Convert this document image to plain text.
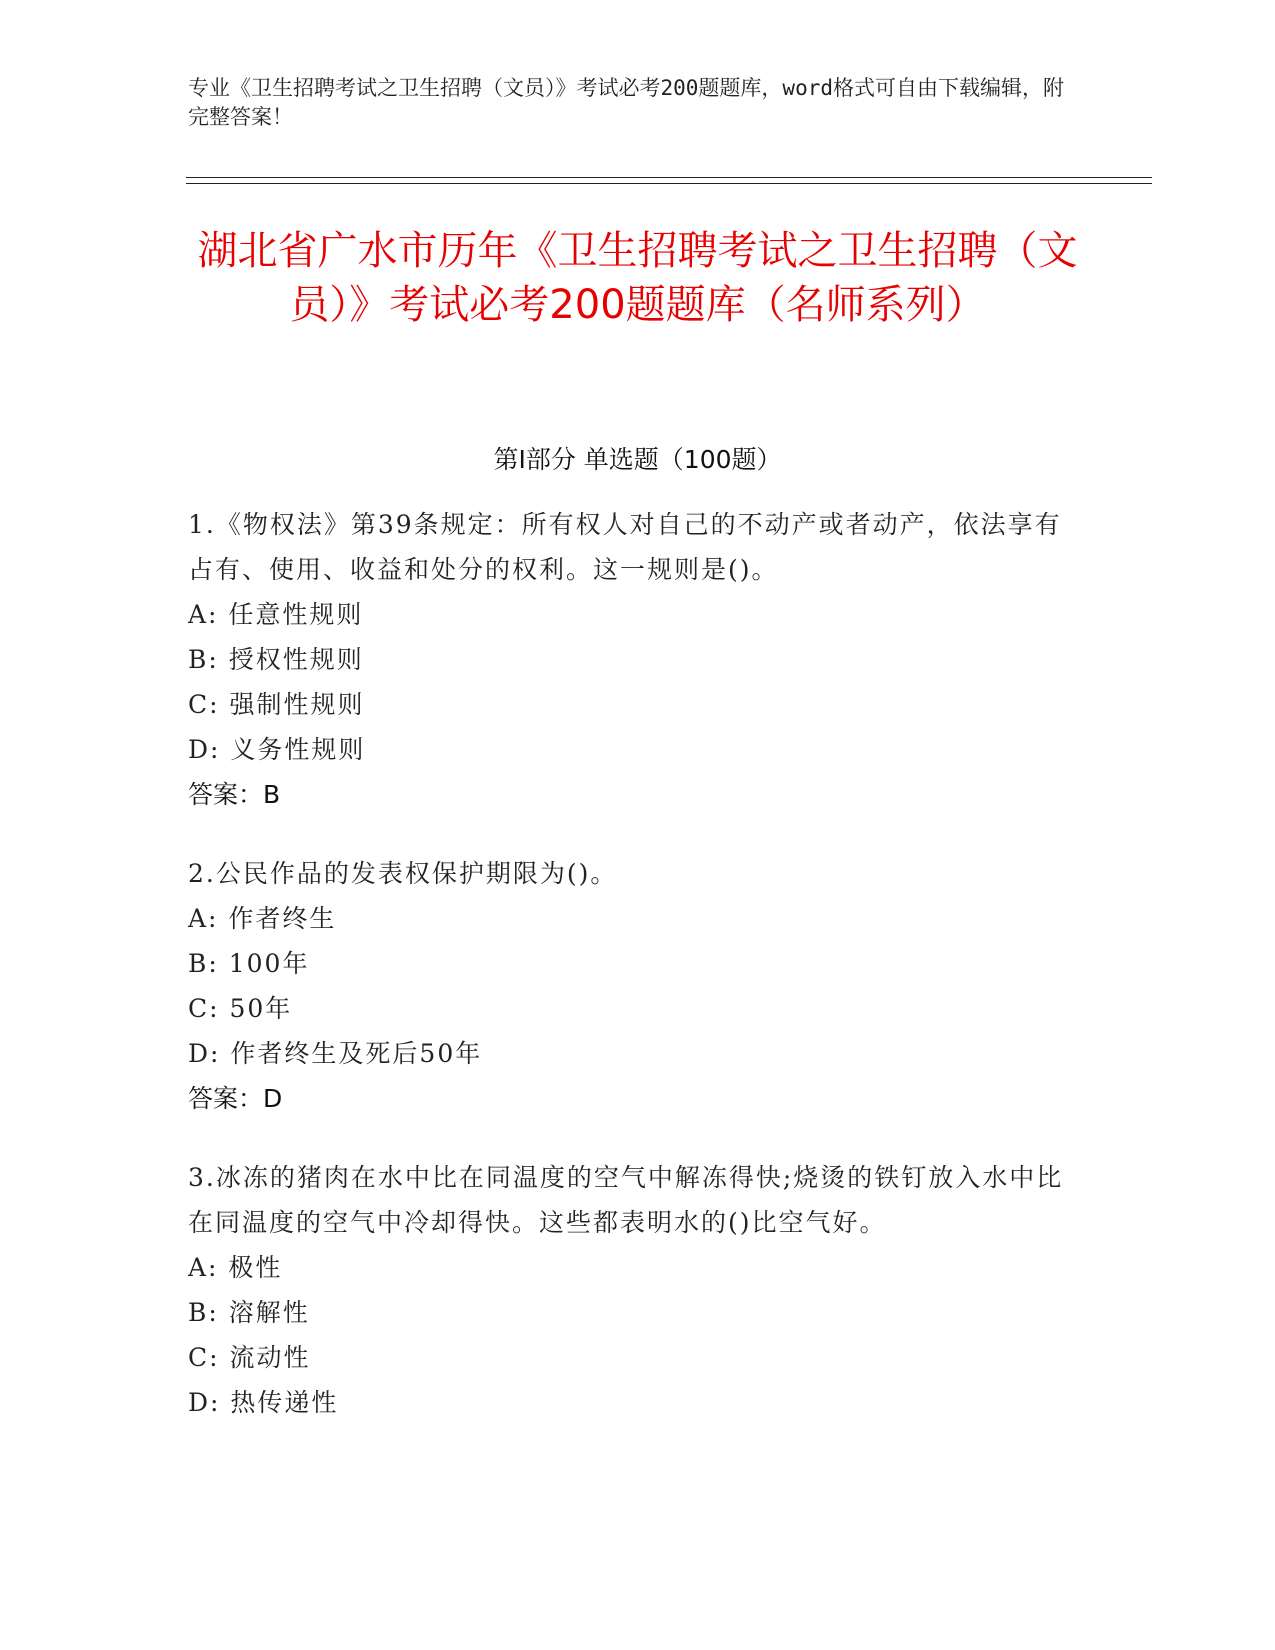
专业《卫生招聘考试之卫生招聘（文员）》考试必考200题题库，word格式可自由下载编辑，附完整答案！
湖北省广水市历年《卫生招聘考试之卫生招聘（文员）》考试必考200题题库（名师系列）
第Ⅰ部分 单选题（100题）
1.《物权法》第39条规定：所有权人对自己的不动产或者动产，依法享有占有、使用、收益和处分的权利。这一规则是()。
A: 任意性规则
B: 授权性规则
C: 强制性规则
D: 义务性规则
答案：B
2.公民作品的发表权保护期限为()。
A: 作者终生
B: 100年
C: 50年
D: 作者终生及死后50年
答案：D
3.冰冻的猪肉在水中比在同温度的空气中解冻得快;烧烫的铁钉放入水中比在同温度的空气中冷却得快。这些都表明水的()比空气好。
A: 极性
B: 溶解性
C: 流动性
D: 热传递性
